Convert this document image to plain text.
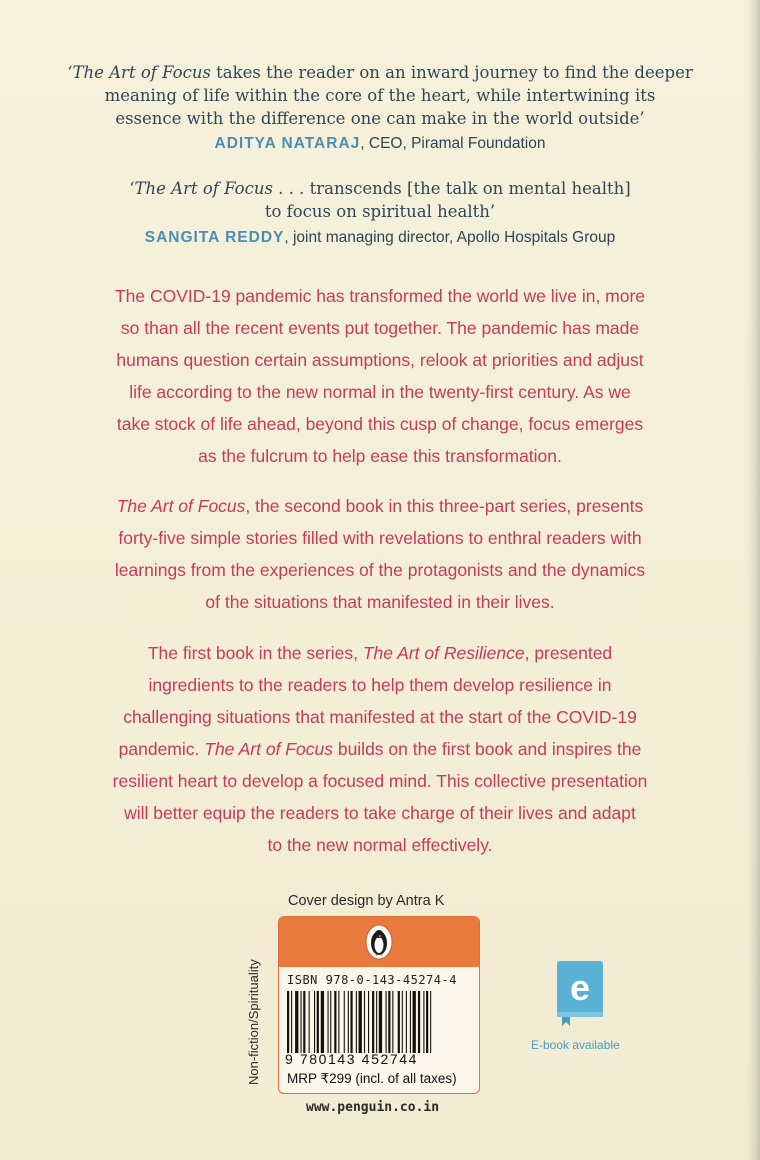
‘The Art of Focus takes the reader on an inward journey to find the deeper
meaning of life within the core of the heart, while intertwining its
essence with the difference one can make in the world outside’
ADITYA NATARAJ, CEO, Piramal Foundation
‘The Art of Focus . . . transcends [the talk on mental health]
to focus on spiritual health’
SANGITA REDDY, joint managing director, Apollo Hospitals Group
The COVID-19 pandemic has transformed the world we live in, more
so than all the recent events put together. The pandemic has made
humans question certain assumptions, relook at priorities and adjust
life according to the new normal in the twenty-first century. As we
take stock of life ahead, beyond this cusp of change, focus emerges
as the fulcrum to help ease this transformation.
The Art of Focus, the second book in this three-part series, presents
forty-five simple stories filled with revelations to enthral readers with
learnings from the experiences of the protagonists and the dynamics
of the situations that manifested in their lives.
The first book in the series, The Art of Resilience, presented
ingredients to the readers to help them develop resilience in
challenging situations that manifested at the start of the COVID-19
pandemic. The Art of Focus builds on the first book and inspires the
resilient heart to develop a focused mind. This collective presentation
will better equip the readers to take charge of their lives and adapt
to the new normal effectively.
Cover design by Antra K
Non-fiction/Spirituality ISBN 978-0-143-45274-4
9 780143 452744
MRP ₹299 (incl. of all taxes)
www.penguin.co.in
e
E-book available
